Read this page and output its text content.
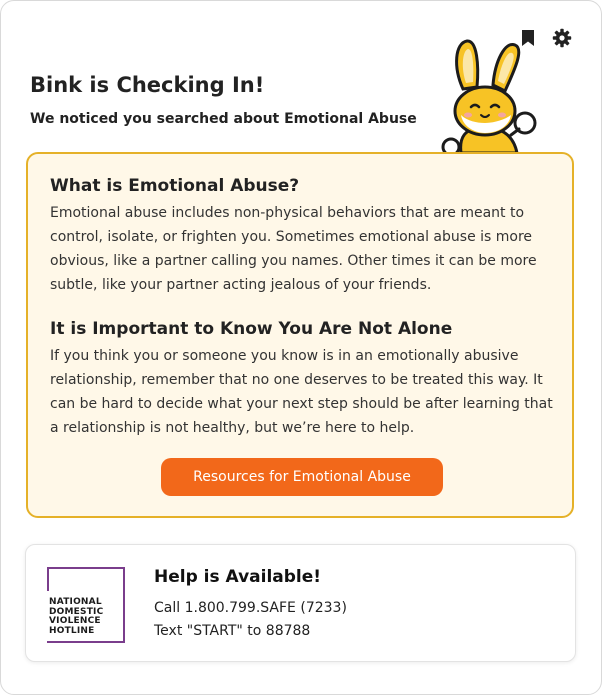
Bink is Checking In!

We noticed you searched about Emotional Abuse

What is Emotional Abuse?

Emotional abuse includes non-physical behaviors that are meant to control, isolate, or frighten you. Sometimes emotional abuse is more obvious, like a partner calling you names. Other times it can be more subtle, like your partner acting jealous of your friends.

It is Important to Know You Are Not Alone

If you think you or someone you know is in an emotionally abusive relationship, remember that no one deserves to be treated this way. It can be hard to decide what your next step should be after learning that a relationship is not healthy, but we’re here to help.

Resources for Emotional Abuse
NATIONAL
DOMESTIC
VIOLENCE
HOTLINE
Help is Available!

Call 1.800.799.SAFE (7233)

Text "START" to 88788
